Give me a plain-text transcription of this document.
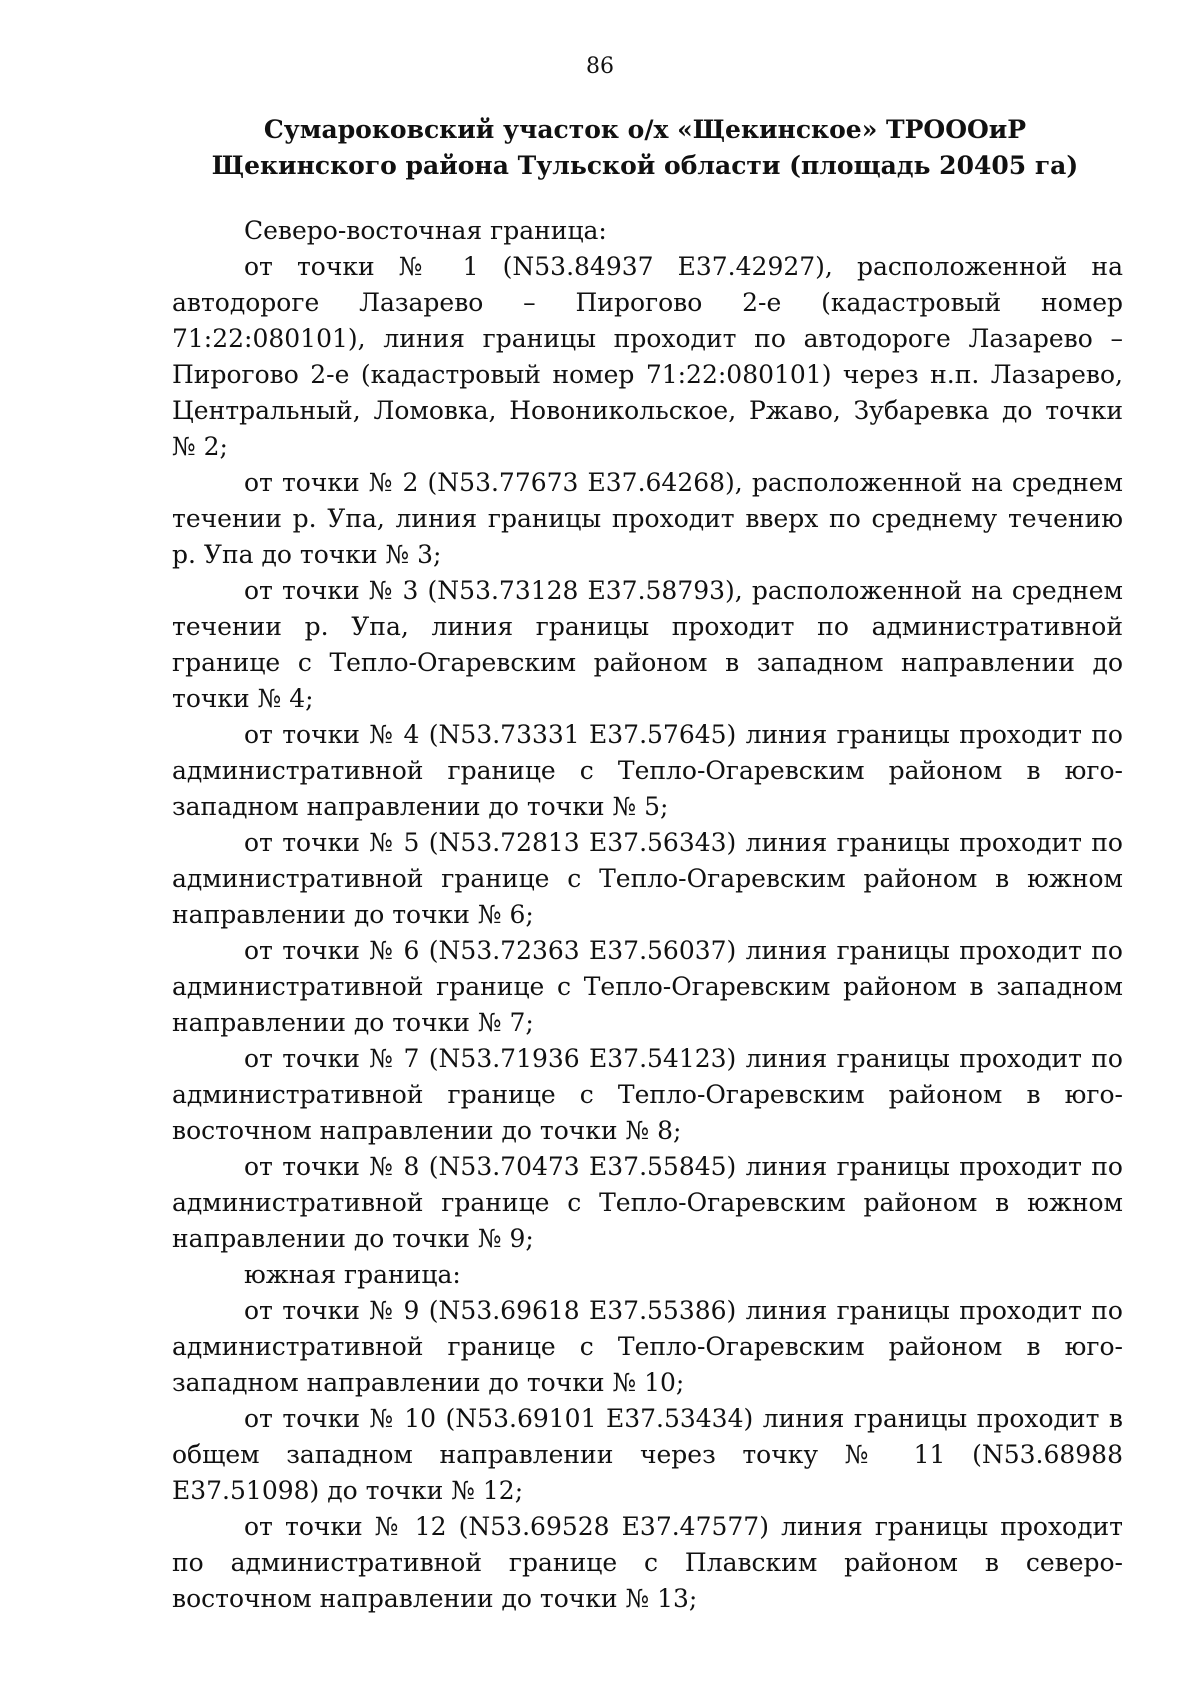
86
Сумароковский участок о/х «Щекинское» ТРОООиР
Щекинского района Тульской области (площадь 20405 га)

Северо-восточная граница:

от точки № 1 (N53.84937 E37.42927), расположенной на автодороге Лазарево – Пирогово 2-е (кадастровый номер 71:22:080101), линия границы проходит по автодороге Лазарево – Пирогово 2-е (кадастровый номер 71:22:080101) через н.п. Лазарево, Центральный, Ломовка, Новоникольское, Ржаво, Зубаревка до точки № 2;

от точки № 2 (N53.77673 E37.64268), расположенной на среднем течении р. Упа, линия границы проходит вверх по среднему течению р. Упа до точки № 3;

от точки № 3 (N53.73128 E37.58793), расположенной на среднем течении р. Упа, линия границы проходит по административной границе с Тепло-Огаревским районом в западном направлении до точки № 4;

от точки № 4 (N53.73331 E37.57645) линия границы проходит по административной границе с Тепло-Огаревским районом в юго-западном направлении до точки № 5;

от точки № 5 (N53.72813 E37.56343) линия границы проходит по административной границе с Тепло-Огаревским районом в южном направлении до точки № 6;

от точки № 6 (N53.72363 E37.56037) линия границы проходит по административной границе с Тепло-Огаревским районом в западном направлении до точки № 7;

от точки № 7 (N53.71936 E37.54123) линия границы проходит по административной границе с Тепло-Огаревским районом в юго-восточном направлении до точки № 8;

от точки № 8 (N53.70473 E37.55845) линия границы проходит по административной границе с Тепло-Огаревским районом в южном направлении до точки № 9;

южная граница:

от точки № 9 (N53.69618 E37.55386) линия границы проходит по административной границе с Тепло-Огаревским районом в юго-западном направлении до точки № 10;

от точки № 10 (N53.69101 E37.53434) линия границы проходит в общем западном направлении через точку № 11 (N53.68988 E37.51098) до точки № 12;

от точки № 12 (N53.69528 E37.47577) линия границы проходит по административной границе с Плавским районом в северо-восточном направлении до точки № 13;
